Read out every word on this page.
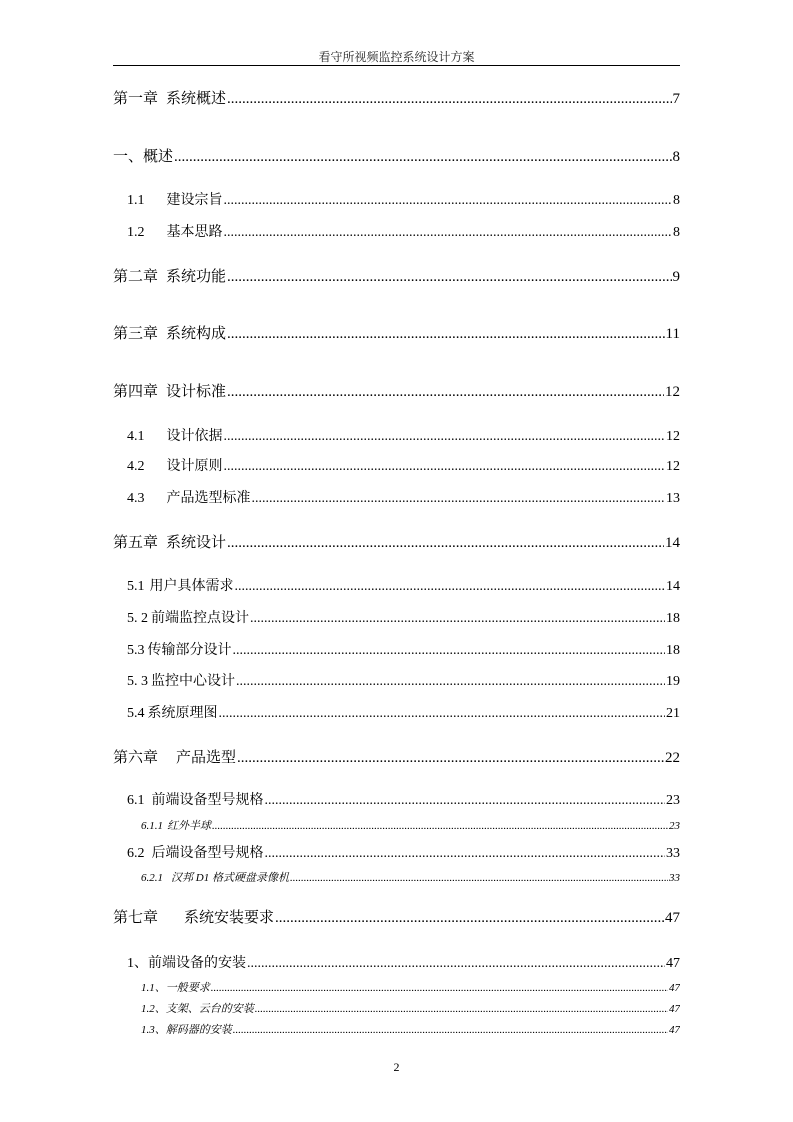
看守所视频监控系统设计方案
第一章 系统概述 .....	7
一、概述 .....	8
1.1 建设宗旨 .....	8
1.2 基本思路 .....	8
第二章 系统功能 .....	9
第三章 系统构成 .....	11
第四章 设计标准 .....	12
4.1 设计依据 .....	12
4.2 设计原则 .....	12
4.3 产品选型标准 .....	13
第五章 系统设计 .....	14
5.1 用户具体需求 .....	14
5. 2 前端监控点设计 .....	18
5.3 传输部分设计 .....	18
5. 3 监控中心设计 .....	19
5.4 系统原理图 .....	21
第六章 产品选型 .....	22
6.1 前端设备型号规格 .....	23
6.1.1 红外半球 .....	23
6.2 后端设备型号规格 .....	33
6.2.1 汉邦 D1 格式硬盘录像机 .....	33
第七章 系统安装要求 .....	47
1、前端设备的安装 .....	47
1.1、一般要求 .....	47
1.2、支架、云台的安装 .....	47
1.3、解码器的安装 .....	47
2
